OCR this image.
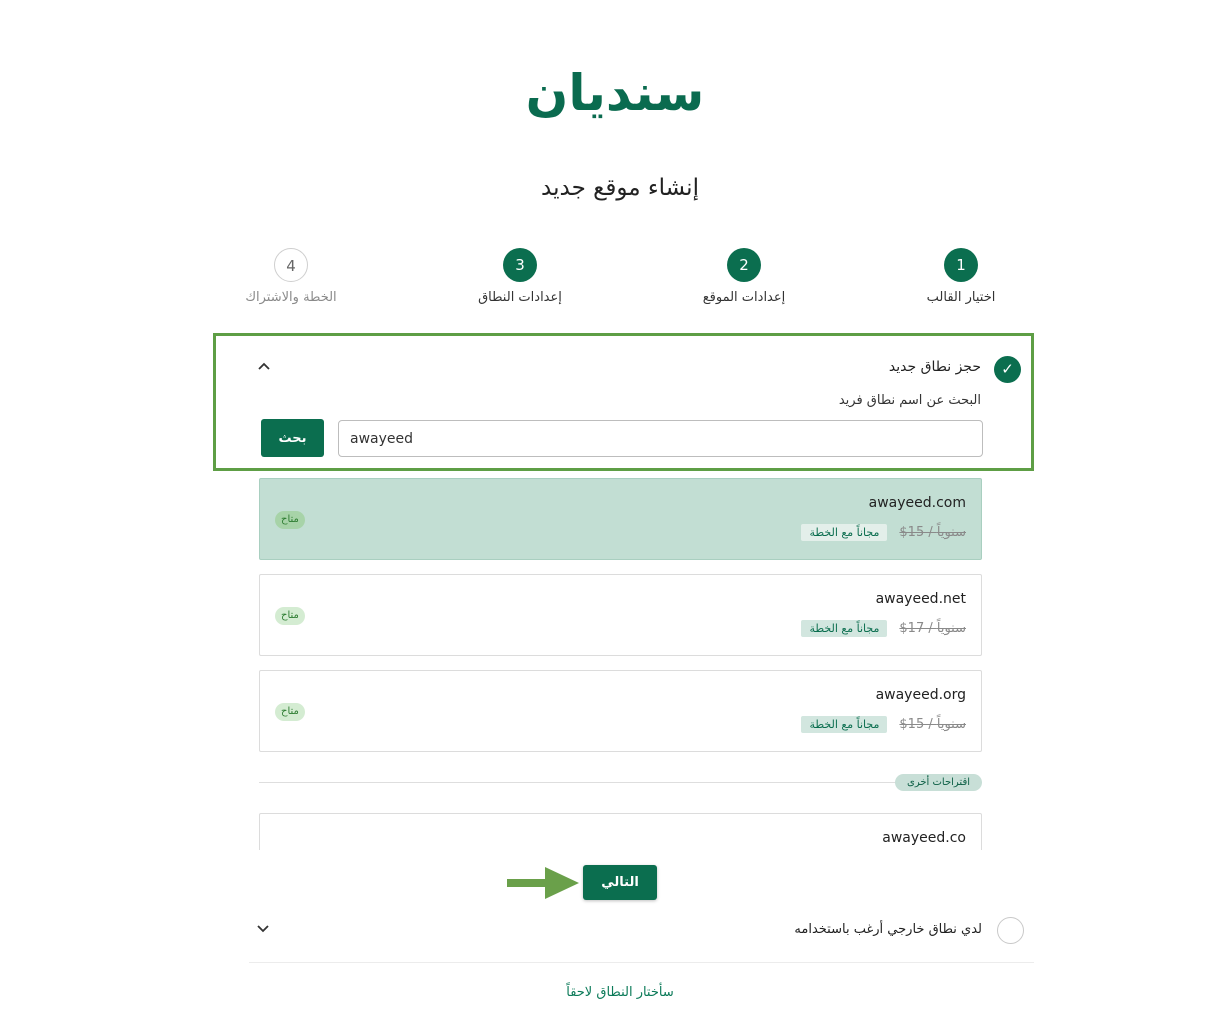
سنديان
إنشاء موقع جديد
1
اختيار القالب
2
إعدادات الموقع
3
إعدادات النطاق
4
الخطة والاشتراك
✓
حجز نطاق جديد
البحث عن اسم نطاق فريد
awayeed
بحث
awayeed.com
$15 / سنوياً
مجاناً مع الخطة
متاح
awayeed.net
$17 / سنوياً
مجاناً مع الخطة
متاح
awayeed.org
$15 / سنوياً
مجاناً مع الخطة
متاح
اقتراحات أخرى
awayeed.co
التالي
لدي نطاق خارجي أرغب باستخدامه
سأختار النطاق لاحقاً
